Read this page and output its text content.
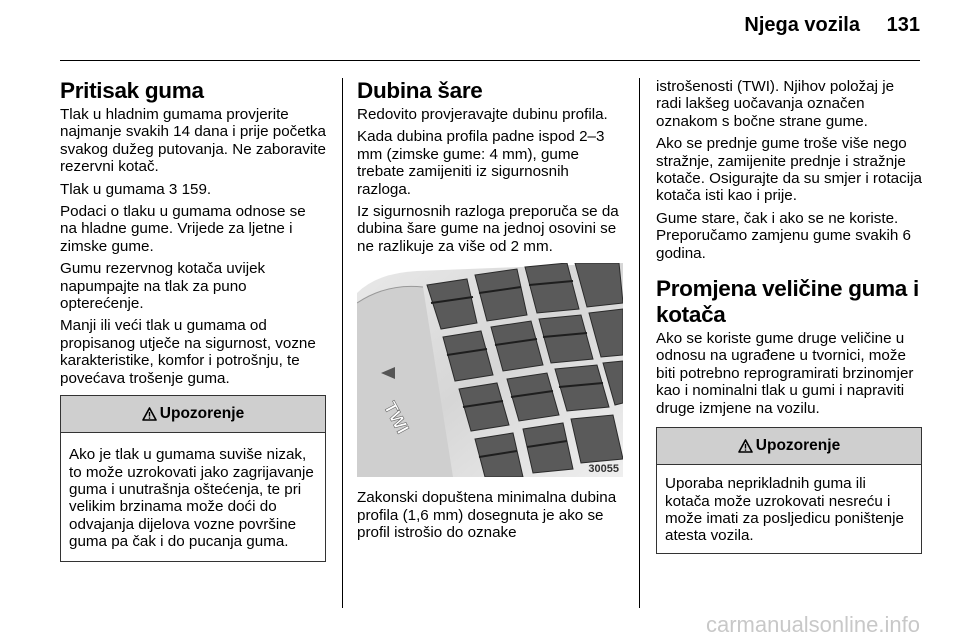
Njega vozila 131
Pritisak guma

Tlak u hladnim gumama provjerite najmanje svakih 14 dana i prije početka svakog dužeg putovanja. Ne zaboravite rezervni kotač.

Tlak u gumama 3 159.

Podaci o tlaku u gumama odnose se na hladne gume. Vrijede za ljetne i zimske gume.

Gumu rezervnog kotača uvijek napumpajte na tlak za puno opterećenje.

Manji ili veći tlak u gumama od propisanog utječe na sigurnost, vozne karakteristike, komfor i potrošnju, te povećava trošenje guma.

Upozorenje

Ako je tlak u gumama suviše nizak, to može uzrokovati jako zagrijavanje guma i unutrašnja oštećenja, te pri velikim brzinama može doći do odvajanja dijelova vozne površine guma pa čak i do pucanja guma.

Dubina šare

Redovito provjeravajte dubinu profila.

Kada dubina profila padne ispod 2–3 mm (zimske gume: 4 mm), gume trebate zamijeniti iz sigurnosnih razloga.

Iz sigurnosnih razloga preporuča se da dubina šare gume na jednoj osovini se ne razlikuje za više od 2 mm.

TWI
30055

Zakonski dopuštena minimalna dubina profila (1,6 mm) dosegnuta je ako se profil istrošio do oznake

istrošenosti (TWI). Njihov položaj je radi lakšeg uočavanja označen oznakom s bočne strane gume.

Ako se prednje gume troše više nego stražnje, zamijenite prednje i stražnje kotače. Osigurajte da su smjer i rotacija kotača isti kao i prije.

Gume stare, čak i ako se ne koriste. Preporučamo zamjenu gume svakih 6 godina.

Promjena veličine guma i kotača

Ako se koriste gume druge veličine u odnosu na ugrađene u tvornici, može biti potrebno reprogramirati brzinomjer kao i nominalni tlak u gumi i napraviti druge izmjene na vozilu.

Upozorenje

Uporaba neprikladnih guma ili kotača može uzrokovati nesreću i može imati za posljedicu poništenje atesta vozila.

carmanualsonline.info
